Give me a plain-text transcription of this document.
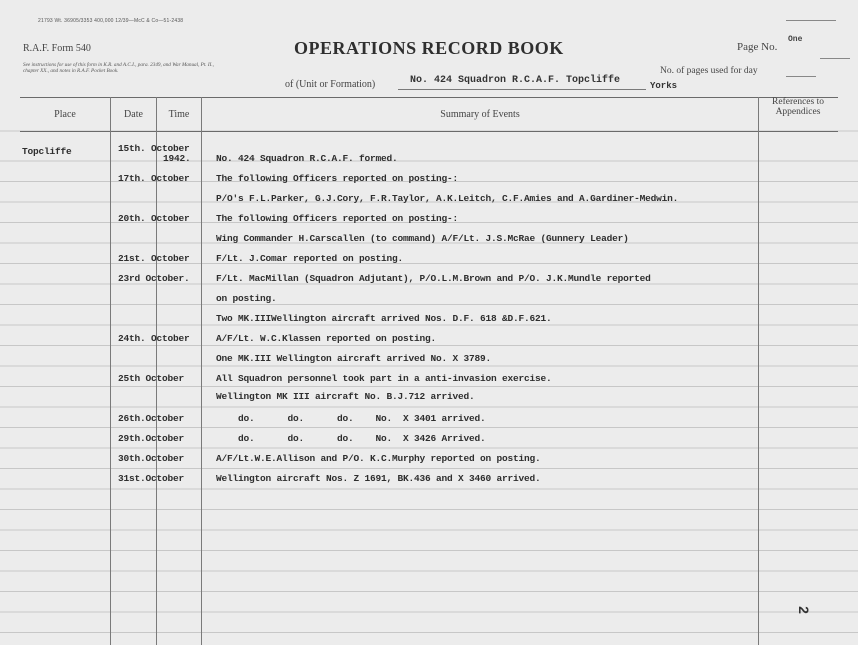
21793 Wt. 36905/3353 400,000 12/39—McC & Co—51-2438
R.A.F. Form 540
See instructions for use of this form in K.R. and A.C.I., para. 2349, and War Manual, Pt. II., chapter XX., and notes in R.A.F. Pocket Book.
OPERATIONS RECORD BOOK
of (Unit or Formation)	No. 424 Squadron R.C.A.F. Topcliffe
Page No.
One
No. of pages used for day
Yorks
Place	Date	Time	Summary of Events
References to Appendices
Topcliffe	15th. October
1942.	No. 424 Squadron R.C.A.F. formed.
17th. October	The following Officers reported on posting-:
P/O's F.L.Parker, G.J.Cory, F.R.Taylor, A.K.Leitch, C.F.Amies and A.Gardiner-Medwin.
20th. October	The following Officers reported on posting-:
Wing Commander H.Carscallen (to command) A/F/Lt. J.S.McRae (Gunnery Leader)
21st. October	F/Lt. J.Comar reported on posting.
23rd October.	F/Lt. MacMillan (Squadron Adjutant), P/O.L.M.Brown and P/O. J.K.Mundle reported
on posting.
Two MK.IIIWellington aircraft arrived Nos. D.F. 618 &D.F.621.
24th. October	A/F/Lt. W.C.Klassen reported on posting.
One MK.III Wellington aircraft arrived No. X 3789.
25th October	All Squadron personnel took part in a anti-invasion exercise.
Wellington MK III aircraft No. B.J.712 arrived.
26th.October	do.      do.      do.    No.  X 3401 arrived.
29th.October	do.      do.      do.    No.  X 3426 Arrived.
30th.October	A/F/Lt.W.E.Allison and P/O. K.C.Murphy reported on posting.
31st.October	Wellington aircraft Nos. Z 1691, BK.436 and X 3460 arrived.
2
